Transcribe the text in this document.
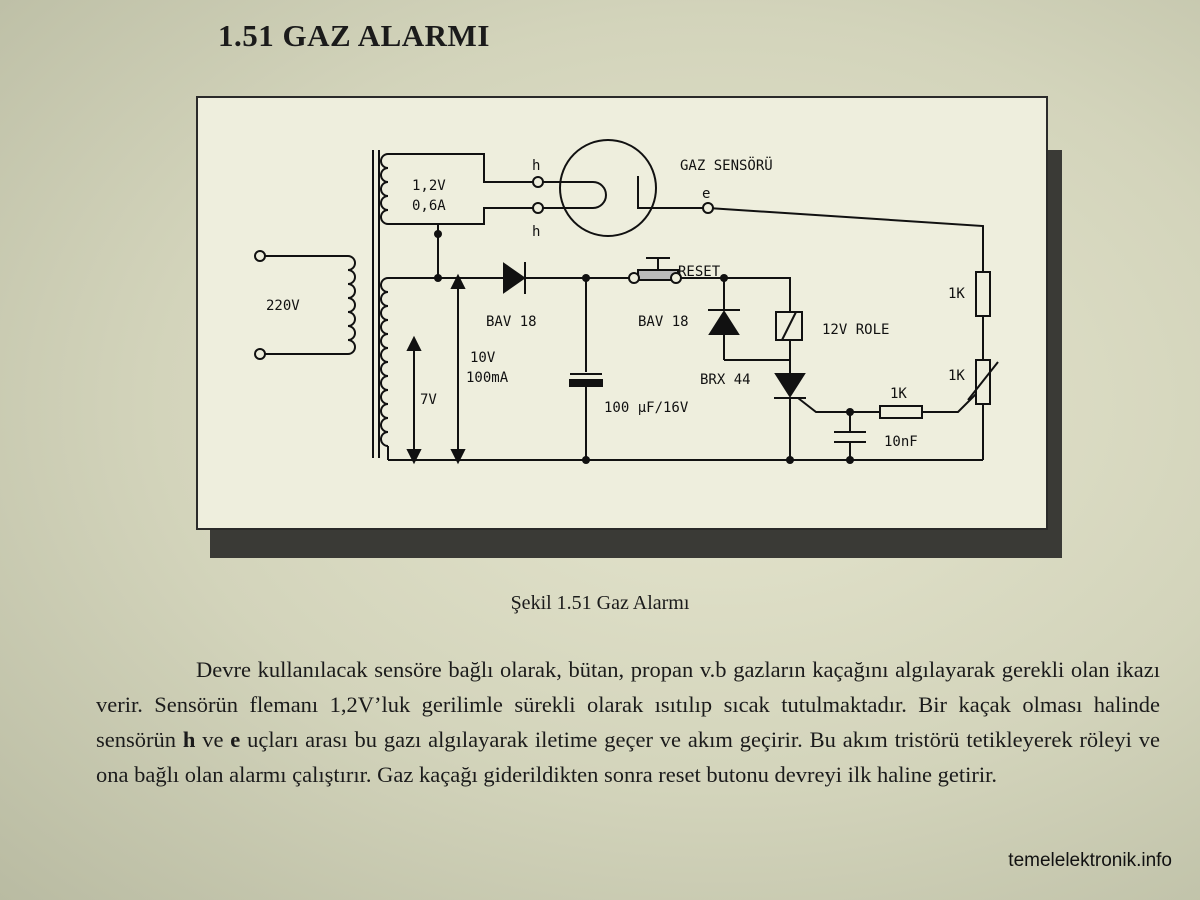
1.51 GAZ ALARMI
1,2V
0,6A
h
h
GAZ SENSÖRÜ
e
220V
7V
10V
100mA
BAV 18
100 µF/16V
RESET
BAV 18	12V ROLE
BRX 44
1K
1K
1K
10nF
Şekil 1.51 Gaz Alarmı

Devre kullanılacak sensöre bağlı olarak, bütan, propan v.b gazların kaçağını algılayarak gerekli olan ikazı verir. Sensörün flemanı 1,2V’luk gerilimle sürekli olarak ısıtılıp sıcak tutulmaktadır. Bir kaçak olması halinde sensörün h ve e uçları arası bu gazı algılayarak iletime geçer ve akım geçirir. Bu akım tristörü tetikleyerek röleyi ve ona bağlı olan alarmı çalıştırır. Gaz kaçağı giderildikten sonra reset butonu devreyi ilk haline getirir.

temelelektronik.info
